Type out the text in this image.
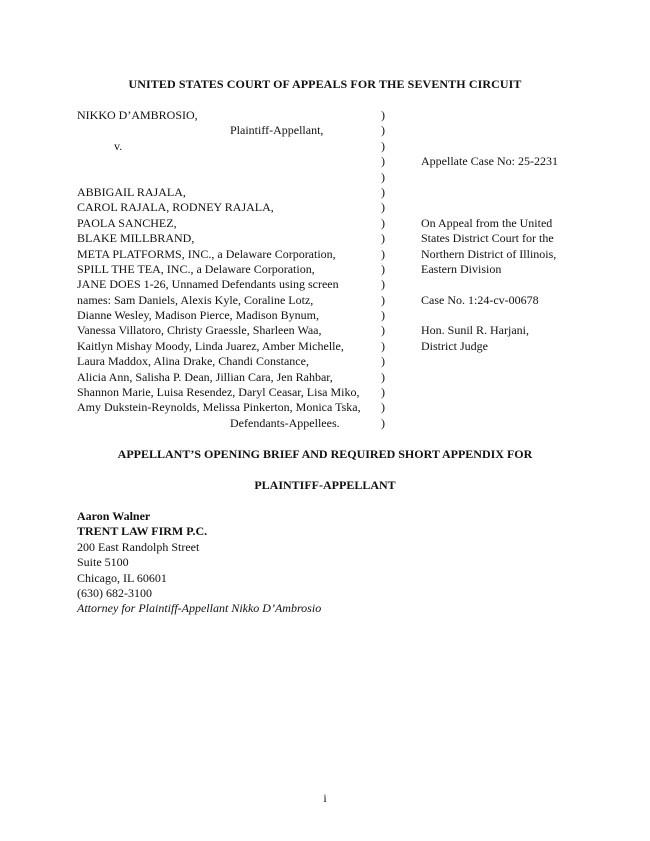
UNITED STATES COURT OF APPEALS FOR THE SEVENTH CIRCUIT
NIKKO D’AMBROSIO,
Plaintiff-Appellant,
v.
ABBIGAIL RAJALA,
CAROL RAJALA, RODNEY RAJALA,
PAOLA SANCHEZ,
BLAKE MILLBRAND,
META PLATFORMS, INC., a Delaware Corporation,
SPILL THE TEA, INC., a Delaware Corporation,
JANE DOES 1-26, Unnamed Defendants using screen
names: Sam Daniels, Alexis Kyle, Coraline Lotz,
Dianne Wesley, Madison Pierce, Madison Bynum,
Vanessa Villatoro, Christy Graessle, Sharleen Waa,
Kaitlyn Mishay Moody, Linda Juarez, Amber Michelle,
Laura Maddox, Alina Drake, Chandi Constance,
Alicia Ann, Salisha P. Dean, Jillian Cara, Jen Rahbar,
Shannon Marie, Luisa Resendez, Daryl Ceasar, Lisa Miko,
Amy Dukstein-Reynolds, Melissa Pinkerton, Monica Tska,
Defendants-Appellees.
)
)
)
)
)
)
)
)
)
)
)
)
)
)
)
)
)
)
)
)
)
Appellate Case No: 25-2231
On Appeal from the United
States District Court for the
Northern District of Illinois,
Eastern Division
Case No. 1:24-cv-00678
Hon. Sunil R. Harjani,
District Judge
APPELLANT’S OPENING BRIEF AND REQUIRED SHORT APPENDIX FOR
PLAINTIFF-APPELLANT
Aaron Walner
TRENT LAW FIRM P.C.
200 East Randolph Street
Suite 5100
Chicago, IL 60601
(630) 682-3100
Attorney for Plaintiff-Appellant Nikko D’Ambrosio
i
